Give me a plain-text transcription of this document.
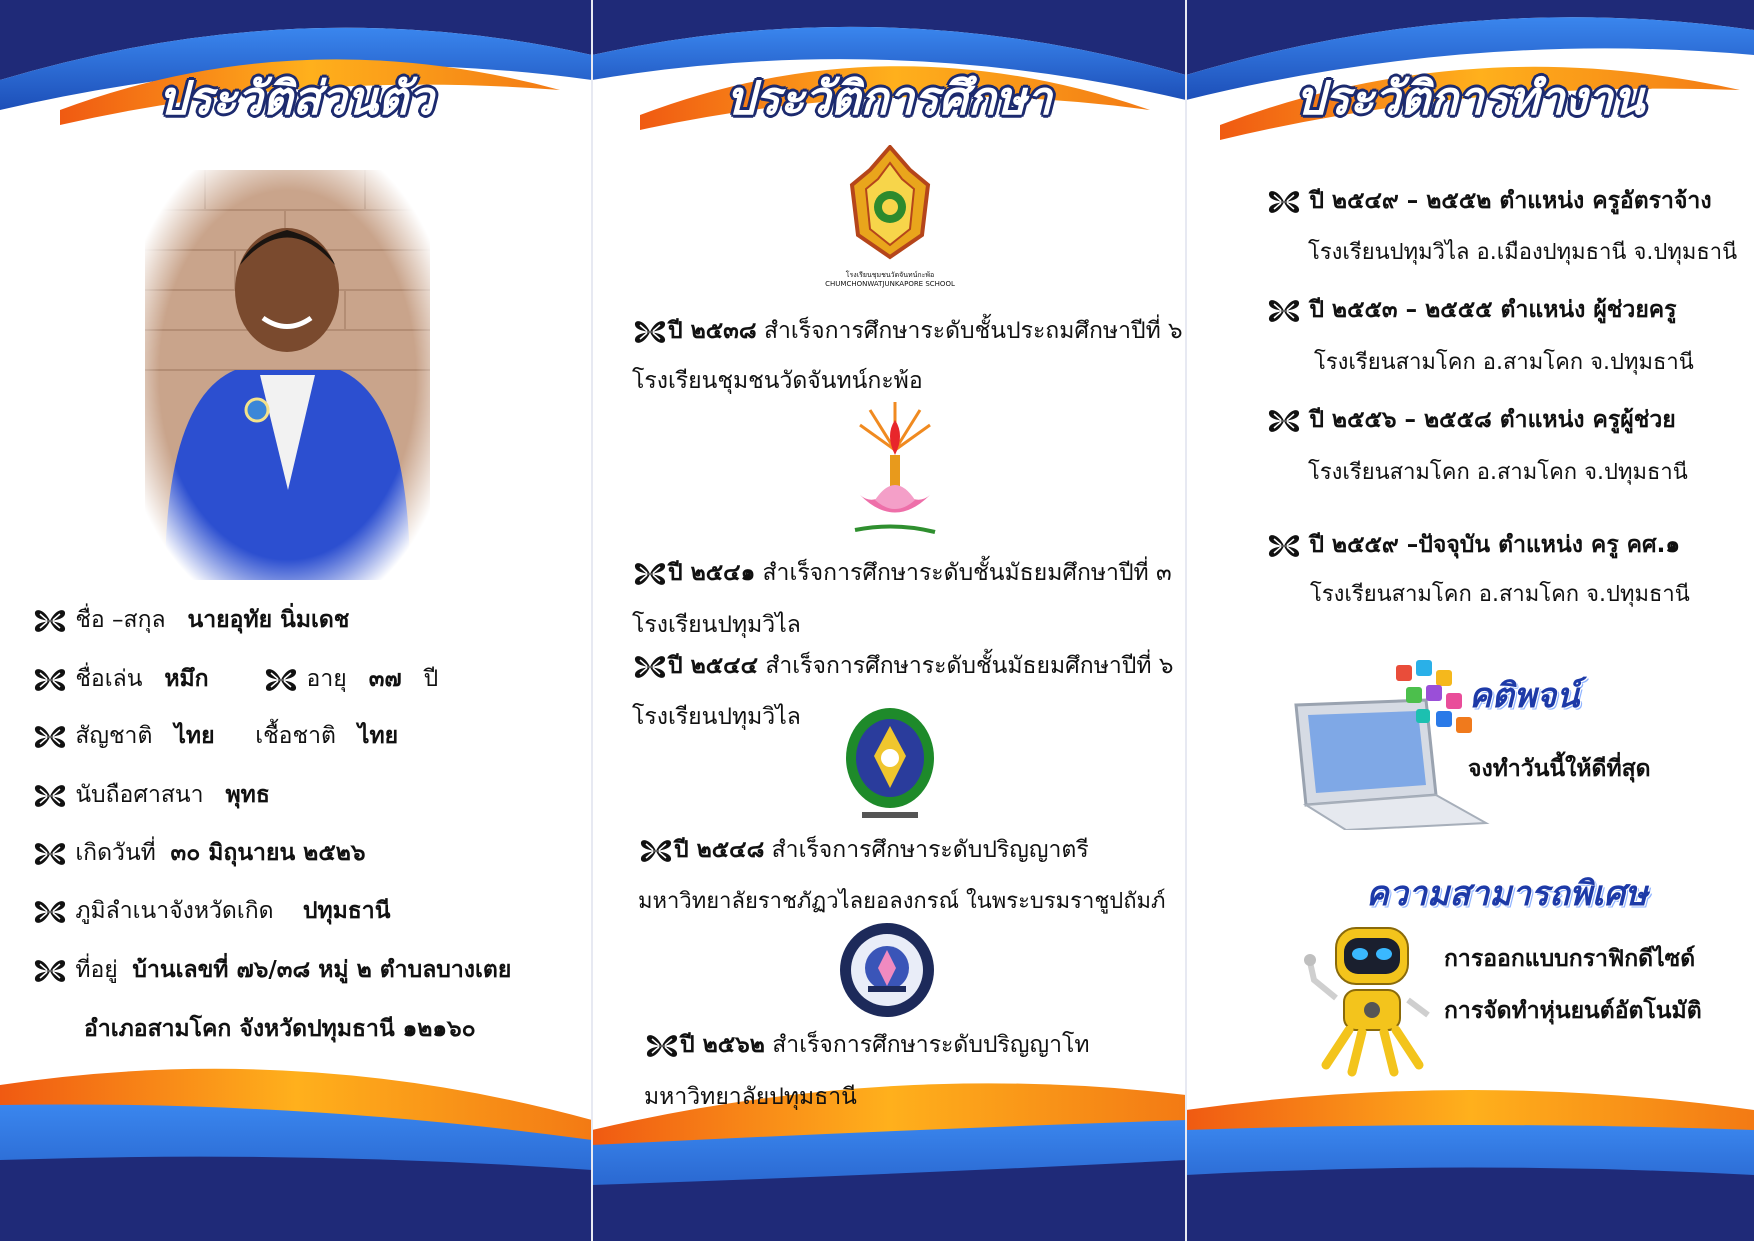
ประวัติส่วนตัว
ชื่อ –สกุล นายอุทัย นิ่มเดช
ชื่อเล่น หมึก	อายุ ๓๗ ปี
สัญชาติ ไทย เชื้อชาติ ไทย
นับถือศาสนา พุทธ
เกิดวันที่ ๓๐ มิถุนายน ๒๕๒๖
ภูมิลำเนาจังหวัดเกิด ปทุมธานี
ที่อยู่ บ้านเลขที่ ๗๖/๓๘ หมู่ ๒ ตำบลบางเตย
อำเภอสามโคก จังหวัดปทุมธานี ๑๒๑๖๐
ประวัติการศึกษา
โรงเรียนชุมชนวัดจันทน์กะพ้อ
CHUMCHONWATJUNKAPORE SCHOOL
ปี ๒๕๓๘ สำเร็จการศึกษาระดับชั้นประถมศึกษาปีที่ ๖
โรงเรียนชุมชนวัดจันทน์กะพ้อ
ปี ๒๕๔๑ สำเร็จการศึกษาระดับชั้นมัธยมศึกษาปีที่ ๓
โรงเรียนปทุมวิไล
ปี ๒๕๔๔ สำเร็จการศึกษาระดับชั้นมัธยมศึกษาปีที่ ๖
โรงเรียนปทุมวิไล
ปี ๒๕๔๘ สำเร็จการศึกษาระดับปริญญาตรี
มหาวิทยาลัยราชภัฏวไลยอลงกรณ์ ในพระบรมราชูปถัมภ์
ปี ๒๕๖๒ สำเร็จการศึกษาระดับปริญญาโท
มหาวิทยาลัยปทุมธานี
ประวัติการทำงาน
ปี ๒๕๔๙ – ๒๕๕๒ ตำแหน่ง ครูอัตราจ้าง
โรงเรียนปทุมวิไล อ.เมืองปทุมธานี จ.ปทุมธานี
ปี ๒๕๕๓ – ๒๕๕๕ ตำแหน่ง ผู้ช่วยครู
โรงเรียนสามโคก อ.สามโคก จ.ปทุมธานี
ปี ๒๕๕๖ – ๒๕๕๘ ตำแหน่ง ครูผู้ช่วย
โรงเรียนสามโคก อ.สามโคก จ.ปทุมธานี
ปี ๒๕๕๙ –ปัจจุบัน ตำแหน่ง ครู คศ.๑
โรงเรียนสามโคก อ.สามโคก จ.ปทุมธานี
คติพจน์
จงทำวันนี้ให้ดีที่สุด
ความสามารถพิเศษ
การออกแบบกราฟิกดีไซด์
การจัดทำหุ่นยนต์อัตโนมัติ
